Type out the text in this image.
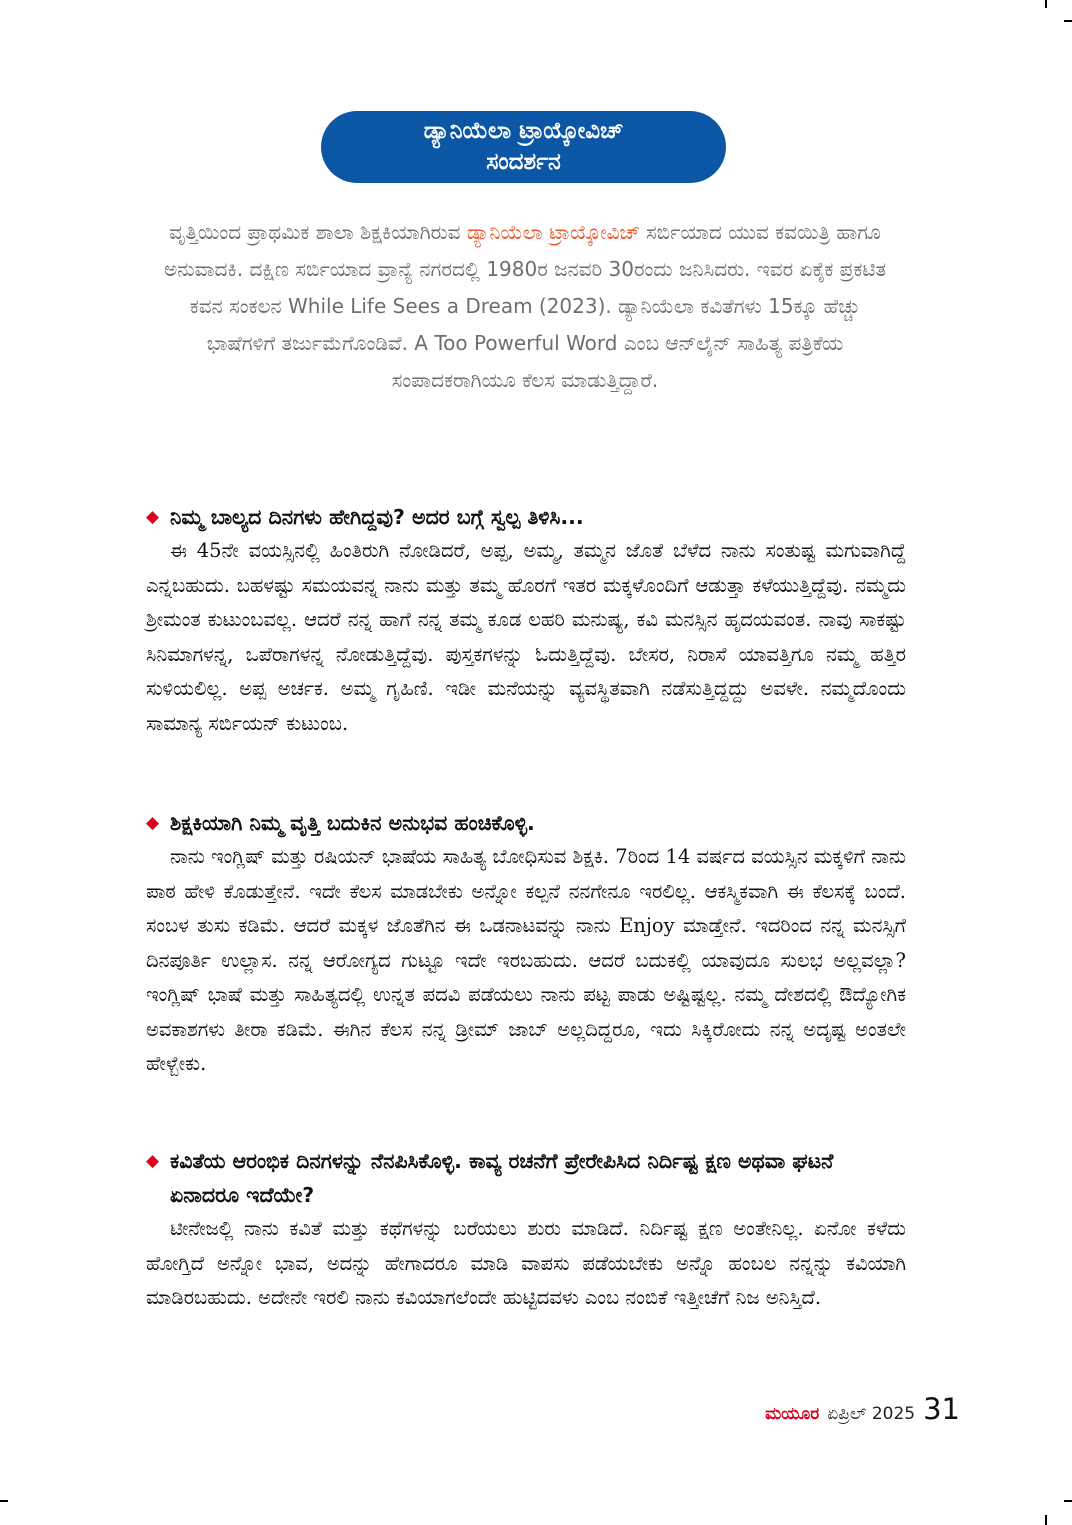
ಡ್ಯಾನಿಯೆಲಾ ಟ್ರಾಯ್ಕೋವಿಚ್
ಸಂದರ್ಶನ
ವೃತ್ತಿಯಿಂದ ಪ್ರಾಥಮಿಕ ಶಾಲಾ ಶಿಕ್ಷಕಿಯಾಗಿರುವ ಡ್ಯಾನಿಯೆಲಾ ಟ್ರಾಯ್ಕೋವಿಚ್ ಸರ್ಬಿಯಾದ ಯುವ ಕವಯಿತ್ರಿ ಹಾಗೂ ಅನುವಾದಕಿ. ದಕ್ಷಿಣ ಸರ್ಬಿಯಾದ ವ್ರಾನ್ಯೆ ನಗರದಲ್ಲಿ 1980ರ ಜನವರಿ 30ರಂದು ಜನಿಸಿದರು. ಇವರ ಏಕೈಕ ಪ್ರಕಟಿತ ಕವನ ಸಂಕಲನ While Life Sees a Dream (2023). ಡ್ಯಾನಿಯೆಲಾ ಕವಿತೆಗಳು 15ಕ್ಕೂ ಹೆಚ್ಚು ಭಾಷೆಗಳಿಗೆ ತರ್ಜುಮೆಗೊಂಡಿವೆ. A Too Powerful Word ಎಂಬ ಆನ್‌ಲೈನ್ ಸಾಹಿತ್ಯ ಪತ್ರಿಕೆಯ ಸಂಪಾದಕರಾಗಿಯೂ ಕೆಲಸ ಮಾಡುತ್ತಿದ್ದಾರೆ.
◆ ನಿಮ್ಮ ಬಾಲ್ಯದ ದಿನಗಳು ಹೇಗಿದ್ದವು? ಅದರ ಬಗ್ಗೆ ಸ್ವಲ್ಪ ತಿಳಿಸಿ...

ಈ 45ನೇ ವಯಸ್ಸಿನಲ್ಲಿ ಹಿಂತಿರುಗಿ ನೋಡಿದರೆ, ಅಪ್ಪ, ಅಮ್ಮ, ತಮ್ಮನ ಜೊತೆ ಬೆಳೆದ ನಾನು ಸಂತುಷ್ಟ ಮಗುವಾಗಿದ್ದೆ ಎನ್ನಬಹುದು. ಬಹಳಷ್ಟು ಸಮಯವನ್ನ ನಾನು ಮತ್ತು ತಮ್ಮ ಹೊರಗೆ ಇತರ ಮಕ್ಕಳೊಂದಿಗೆ ಆಡುತ್ತಾ ಕಳೆಯುತ್ತಿದ್ದೆವು. ನಮ್ಮದು ಶ್ರೀಮಂತ ಕುಟುಂಬವಲ್ಲ. ಆದರೆ ನನ್ನ ಹಾಗೆ ನನ್ನ ತಮ್ಮ ಕೂಡ ಲಹರಿ ಮನುಷ್ಯ, ಕವಿ ಮನಸ್ಸಿನ ಹೃದಯವಂತ. ನಾವು ಸಾಕಷ್ಟು ಸಿನಿಮಾಗಳನ್ನ, ಒಪೆರಾಗಳನ್ನ ನೋಡುತ್ತಿದ್ದೆವು. ಪುಸ್ತಕಗಳನ್ನು ಓದುತ್ತಿದ್ದೆವು. ಬೇಸರ, ನಿರಾಸೆ ಯಾವತ್ತಿಗೂ ನಮ್ಮ ಹತ್ತಿರ ಸುಳಿಯಲಿಲ್ಲ. ಅಪ್ಪ ಅರ್ಚಕ. ಅಮ್ಮ ಗೃಹಿಣಿ. ಇಡೀ ಮನೆಯನ್ನು ವ್ಯವಸ್ಥಿತವಾಗಿ ನಡೆಸುತ್ತಿದ್ದದ್ದು ಅವಳೇ. ನಮ್ಮದೊಂದು ಸಾಮಾನ್ಯ ಸರ್ಬಿಯನ್ ಕುಟುಂಬ.

◆ ಶಿಕ್ಷಕಿಯಾಗಿ ನಿಮ್ಮ ವೃತ್ತಿ ಬದುಕಿನ ಅನುಭವ ಹಂಚಿಕೊಳ್ಳಿ.

ನಾನು ಇಂಗ್ಲಿಷ್ ಮತ್ತು ರಷಿಯನ್ ಭಾಷೆಯ ಸಾಹಿತ್ಯ ಬೋಧಿಸುವ ಶಿಕ್ಷಕಿ. 7ರಿಂದ 14 ವರ್ಷದ ವಯಸ್ಸಿನ ಮಕ್ಕಳಿಗೆ ನಾನು ಪಾಠ ಹೇಳಿ ಕೊಡುತ್ತೇನೆ. ಇದೇ ಕೆಲಸ ಮಾಡಬೇಕು ಅನ್ನೋ ಕಲ್ಪನೆ ನನಗೇನೂ ಇರಲಿಲ್ಲ. ಆಕಸ್ಮಿಕವಾಗಿ ಈ ಕೆಲಸಕ್ಕೆ ಬಂದೆ. ಸಂಬಳ ತುಸು ಕಡಿಮೆ. ಆದರೆ ಮಕ್ಕಳ ಜೊತೆಗಿನ ಈ ಒಡನಾಟವನ್ನು ನಾನು Enjoy ಮಾಡ್ತೇನೆ. ಇದರಿಂದ ನನ್ನ ಮನಸ್ಸಿಗೆ ದಿನಪೂರ್ತಿ ಉಲ್ಲಾಸ. ನನ್ನ ಆರೋಗ್ಯದ ಗುಟ್ಟೂ ಇದೇ ಇರಬಹುದು. ಆದರೆ ಬದುಕಲ್ಲಿ ಯಾವುದೂ ಸುಲಭ ಅಲ್ಲವಲ್ಲಾ? ಇಂಗ್ಲಿಷ್ ಭಾಷೆ ಮತ್ತು ಸಾಹಿತ್ಯದಲ್ಲಿ ಉನ್ನತ ಪದವಿ ಪಡೆಯಲು ನಾನು ಪಟ್ಟ ಪಾಡು ಅಷ್ಟಿಷ್ಟಲ್ಲ. ನಮ್ಮ ದೇಶದಲ್ಲಿ ಔದ್ಯೋಗಿಕ ಅವಕಾಶಗಳು ತೀರಾ ಕಡಿಮೆ. ಈಗಿನ ಕೆಲಸ ನನ್ನ ಡ್ರೀಮ್ ಜಾಬ್ ಅಲ್ಲದಿದ್ದರೂ, ಇದು ಸಿಕ್ಕಿರೋದು ನನ್ನ ಅದೃಷ್ಟ ಅಂತಲೇ ಹೇಳ್ಬೇಕು.

◆ ಕವಿತೆಯ ಆರಂಭಿಕ ದಿನಗಳನ್ನು ನೆನಪಿಸಿಕೊಳ್ಳಿ. ಕಾವ್ಯ ರಚನೆಗೆ ಪ್ರೇರೇಪಿಸಿದ ನಿರ್ದಿಷ್ಟ ಕ್ಷಣ ಅಥವಾ ಘಟನೆ ಏನಾದರೂ ಇದೆಯೇ?

ಟೀನೇಜಲ್ಲಿ ನಾನು ಕವಿತೆ ಮತ್ತು ಕಥೆಗಳನ್ನು ಬರೆಯಲು ಶುರು ಮಾಡಿದೆ. ನಿರ್ದಿಷ್ಟ ಕ್ಷಣ ಅಂತೇನಿಲ್ಲ. ಏನೋ ಕಳೆದು ಹೋಗ್ತಿದೆ ಅನ್ನೋ ಭಾವ, ಅದನ್ನು ಹೇಗಾದರೂ ಮಾಡಿ ವಾಪಸು ಪಡೆಯಬೇಕು ಅನ್ನೊ ಹಂಬಲ ನನ್ನನ್ನು ಕವಿಯಾಗಿ ಮಾಡಿರಬಹುದು. ಅದೇನೇ ಇರಲಿ ನಾನು ಕವಿಯಾಗಲೆಂದೇ ಹುಟ್ಟಿದವಳು ಎಂಬ ನಂಬಿಕೆ ಇತ್ತೀಚೆಗೆ ನಿಜ ಅನಿಸ್ತಿದೆ.

ಮಯೂರ ಏಪ್ರಿಲ್ 2025 31
